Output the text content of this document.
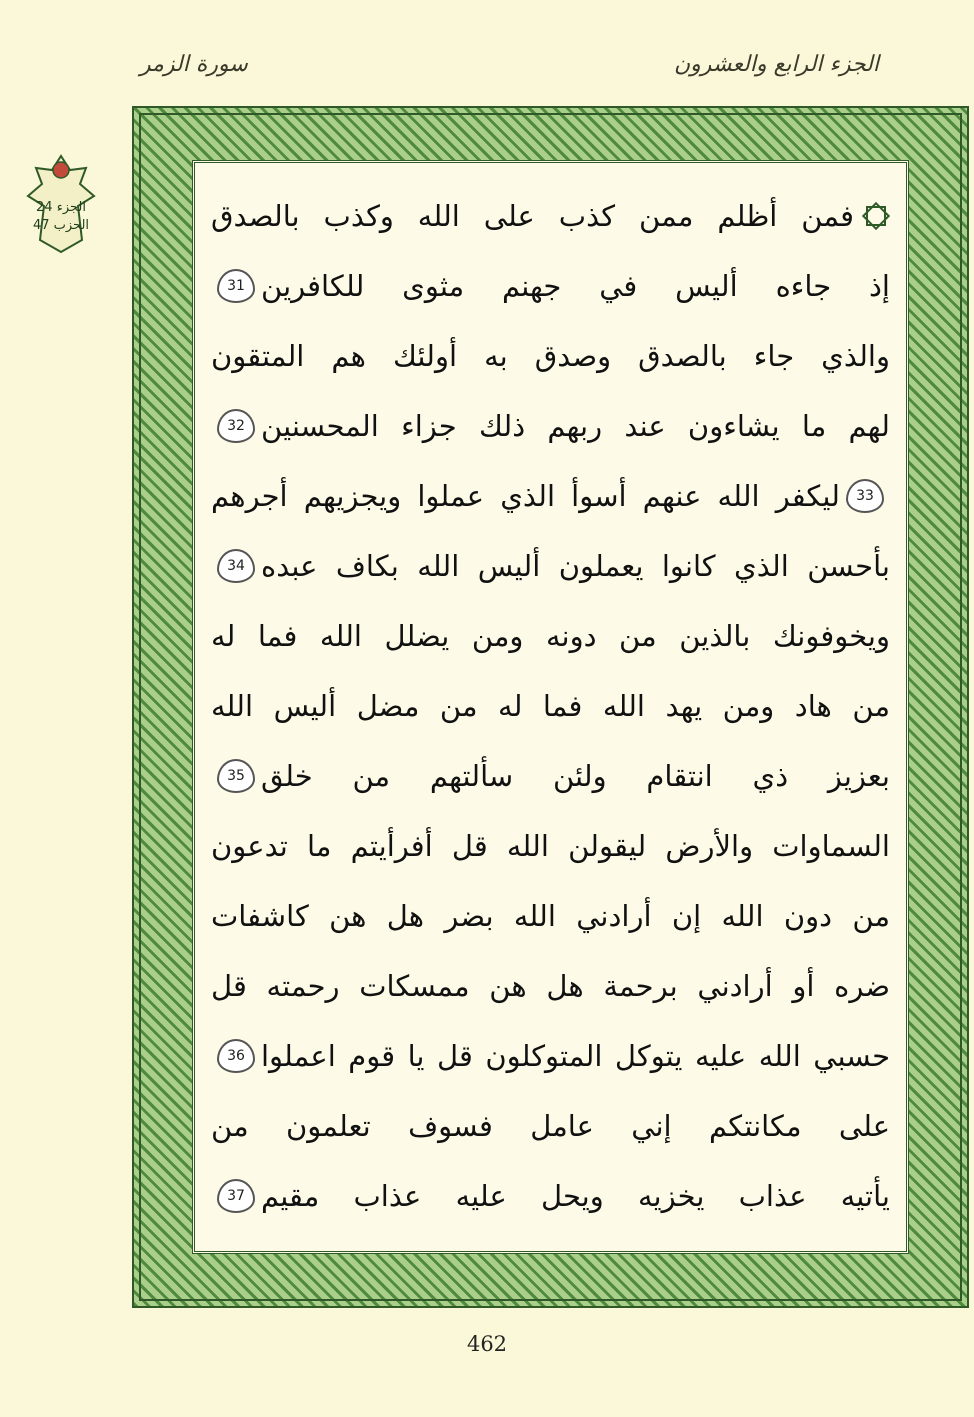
سورة الزمر	الجزء الرابع والعشرون
الجزء 24
الحزب 47	فمن أظلم ممن كذب على الله وكذب بالصدق
إذ جاءه أليس في جهنم مثوى للكافرين
31
والذي جاء بالصدق وصدق به أولئك هم المتقون
لهم ما يشاءون عند ربهم ذلك جزاء المحسنين
32
33
ليكفر الله عنهم أسوأ الذي عملوا ويجزيهم أجرهم
بأحسن الذي كانوا يعملون أليس الله بكاف عبده
34
ويخوفونك بالذين من دونه ومن يضلل الله فما له
من هاد ومن يهد الله فما له من مضل أليس الله
بعزيز ذي انتقام ولئن سألتهم من خلق
35
السماوات والأرض ليقولن الله قل أفرأيتم ما تدعون
من دون الله إن أرادني الله بضر هل هن كاشفات
ضره أو أرادني برحمة هل هن ممسكات رحمته قل
حسبي الله عليه يتوكل المتوكلون قل يا قوم اعملوا
36
على مكانتكم إني عامل فسوف تعلمون من
يأتيه عذاب يخزيه ويحل عليه عذاب مقيم
37
462
